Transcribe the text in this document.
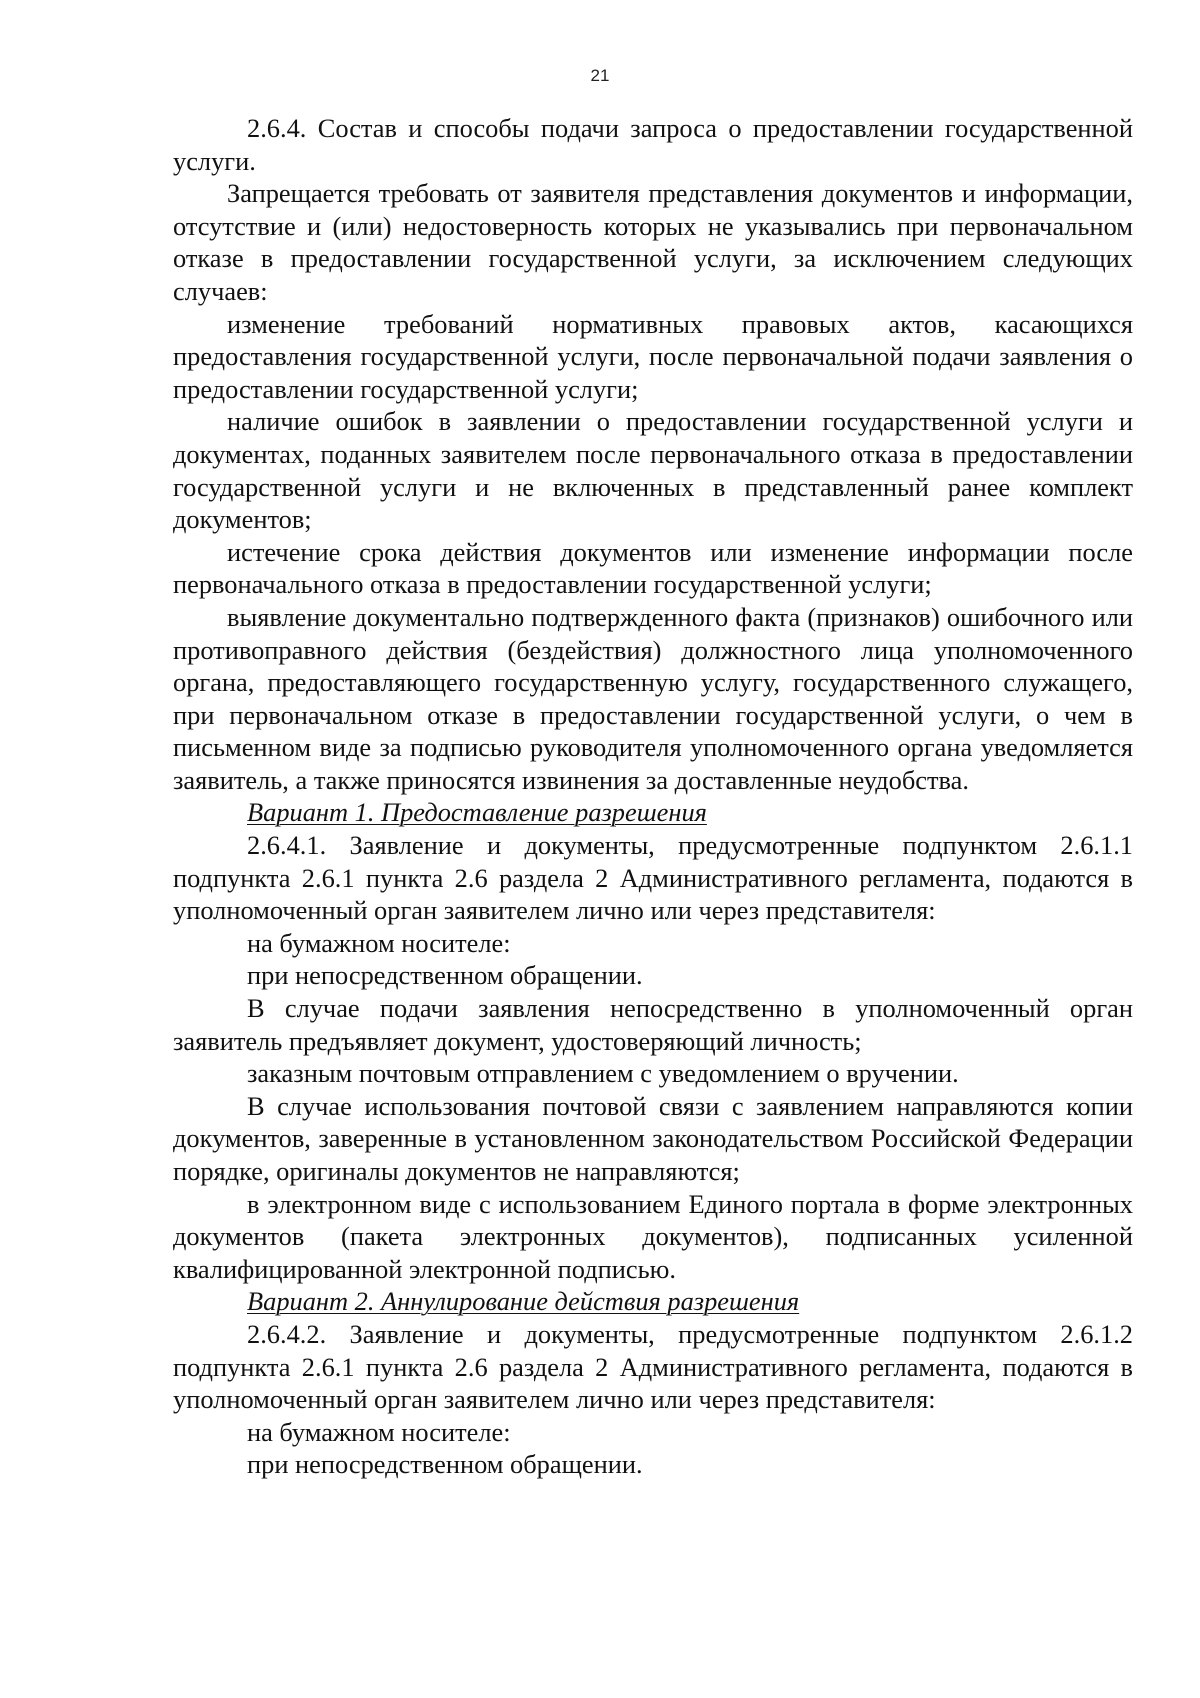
21

2.6.4. Состав и способы подачи запроса о предоставлении государственной услуги.

Запрещается требовать от заявителя представления документов и информации, отсутствие и (или) недостоверность которых не указывались при первоначальном отказе в предоставлении государственной услуги, за исключением следующих случаев:

изменение требований нормативных правовых актов, касающихся предоставления государственной услуги, после первоначальной подачи заявления о предоставлении государственной услуги;

наличие ошибок в заявлении о предоставлении государственной услуги и документах, поданных заявителем после первоначального отказа в предоставлении государственной услуги и не включенных в представленный ранее комплект документов;

истечение срока действия документов или изменение информации после первоначального отказа в предоставлении государственной услуги;

выявление документально подтвержденного факта (признаков) ошибочного или противоправного действия (бездействия) должностного лица уполномоченного органа, предоставляющего государственную услугу, государственного служащего, при первоначальном отказе в предоставлении государственной услуги, о чем в письменном виде за подписью руководителя уполномоченного органа уведомляется заявитель, а также приносятся извинения за доставленные неудобства.

Вариант 1. Предоставление разрешения

2.6.4.1. Заявление и документы, предусмотренные подпунктом 2.6.1.1 подпункта 2.6.1 пункта 2.6 раздела 2 Административного регламента, подаются в уполномоченный орган заявителем лично или через представителя:

на бумажном носителе:

при непосредственном обращении.

В случае подачи заявления непосредственно в уполномоченный орган заявитель предъявляет документ, удостоверяющий личность;

заказным почтовым отправлением с уведомлением о вручении.

В случае использования почтовой связи с заявлением направляются копии документов, заверенные в установленном законодательством Российской Федерации порядке, оригиналы документов не направляются;

в электронном виде с использованием Единого портала в форме электронных документов (пакета электронных документов), подписанных усиленной квалифицированной электронной подписью.

Вариант 2. Аннулирование действия разрешения

2.6.4.2. Заявление и документы, предусмотренные подпунктом 2.6.1.2 подпункта 2.6.1 пункта 2.6 раздела 2 Административного регламента, подаются в уполномоченный орган заявителем лично или через представителя:

на бумажном носителе:

при непосредственном обращении.
